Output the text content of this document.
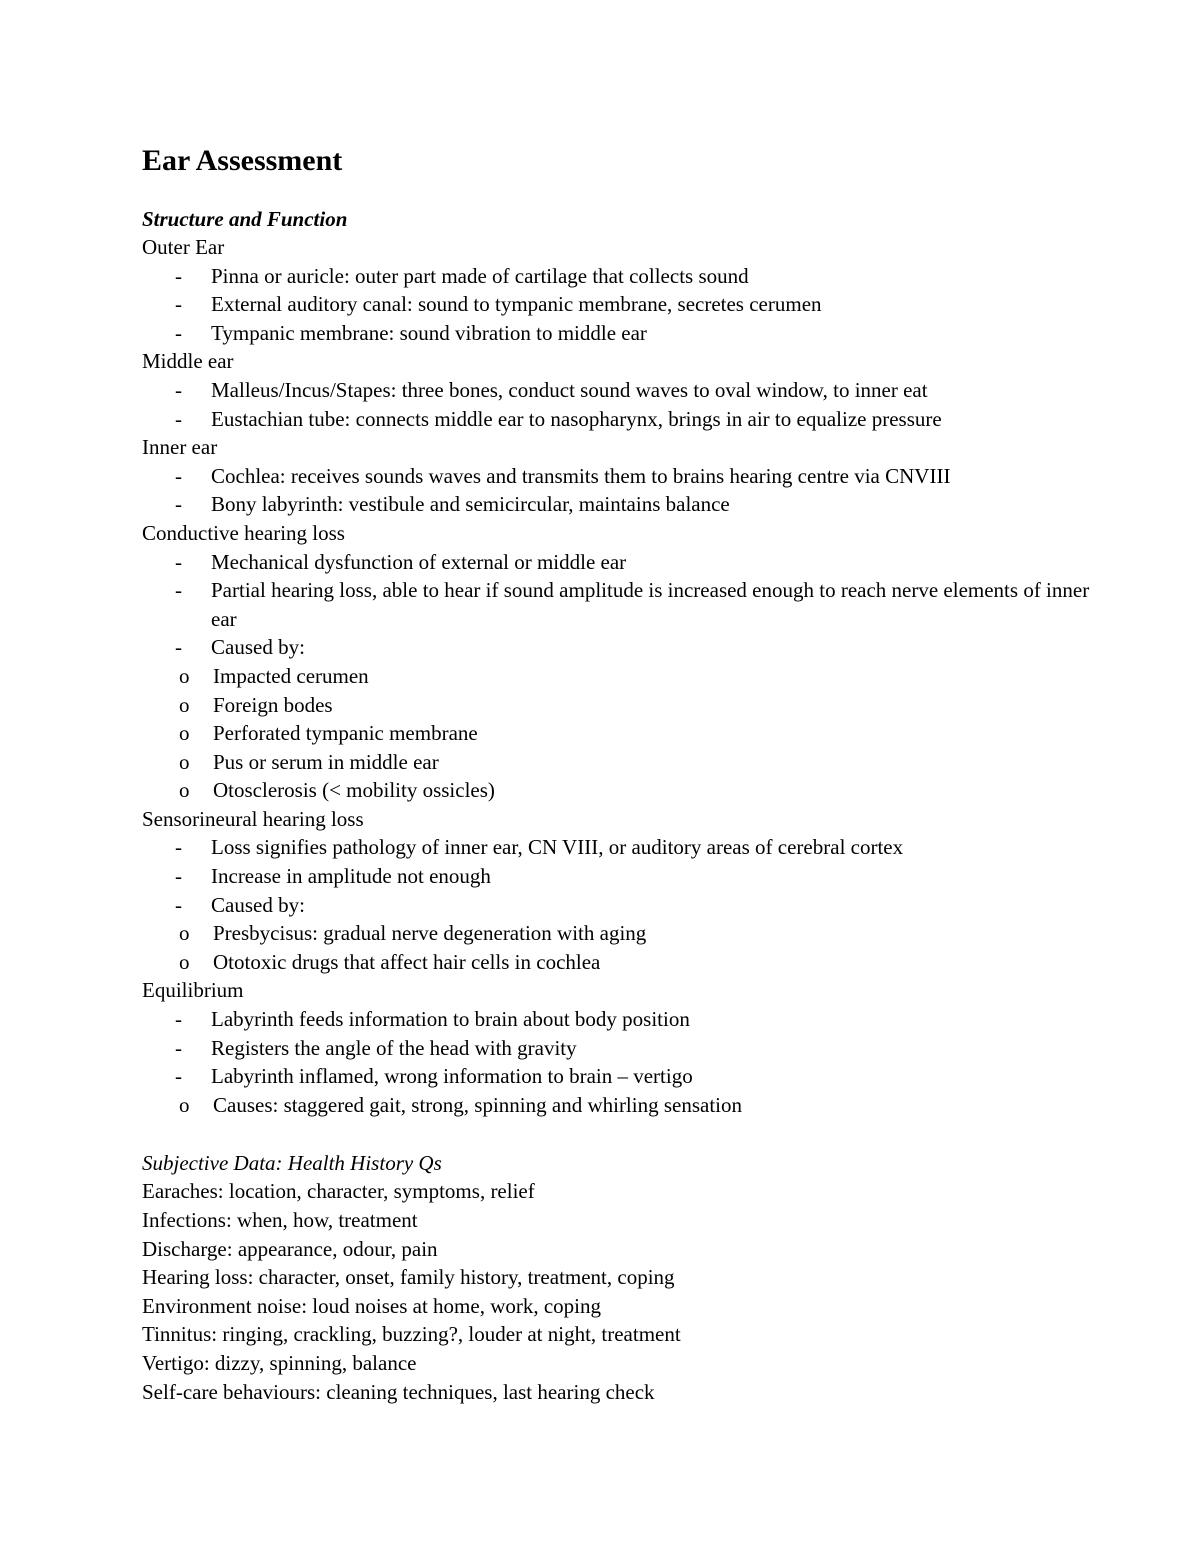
Ear Assessment
Structure and Function
Outer Ear
- Pinna or auricle: outer part made of cartilage that collects sound
- External auditory canal: sound to tympanic membrane, secretes cerumen
- Tympanic membrane: sound vibration to middle ear
Middle ear
- Malleus/Incus/Stapes: three bones, conduct sound waves to oval window, to inner eat
- Eustachian tube: connects middle ear to nasopharynx, brings in air to equalize pressure
Inner ear
- Cochlea: receives sounds waves and transmits them to brains hearing centre via CNVIII
- Bony labyrinth: vestibule and semicircular, maintains balance
Conductive hearing loss
- Mechanical dysfunction of external or middle ear
- Partial hearing loss, able to hear if sound amplitude is increased enough to reach nerve elements of inner ear
- Caused by:
o Impacted cerumen
o Foreign bodes
o Perforated tympanic membrane
o Pus or serum in middle ear
o Otosclerosis (< mobility ossicles)
Sensorineural hearing loss
- Loss signifies pathology of inner ear, CN VIII, or auditory areas of cerebral cortex
- Increase in amplitude not enough
- Caused by:
o Presbycisus: gradual nerve degeneration with aging
o Ototoxic drugs that affect hair cells in cochlea
Equilibrium
- Labyrinth feeds information to brain about body position
- Registers the angle of the head with gravity
- Labyrinth inflamed, wrong information to brain – vertigo
o Causes: staggered gait, strong, spinning and whirling sensation
Subjective Data: Health History Qs
Earaches: location, character, symptoms, relief
Infections: when, how, treatment
Discharge: appearance, odour, pain
Hearing loss: character, onset, family history, treatment, coping
Environment noise: loud noises at home, work, coping
Tinnitus: ringing, crackling, buzzing?, louder at night, treatment
Vertigo: dizzy, spinning, balance
Self-care behaviours: cleaning techniques, last hearing check
